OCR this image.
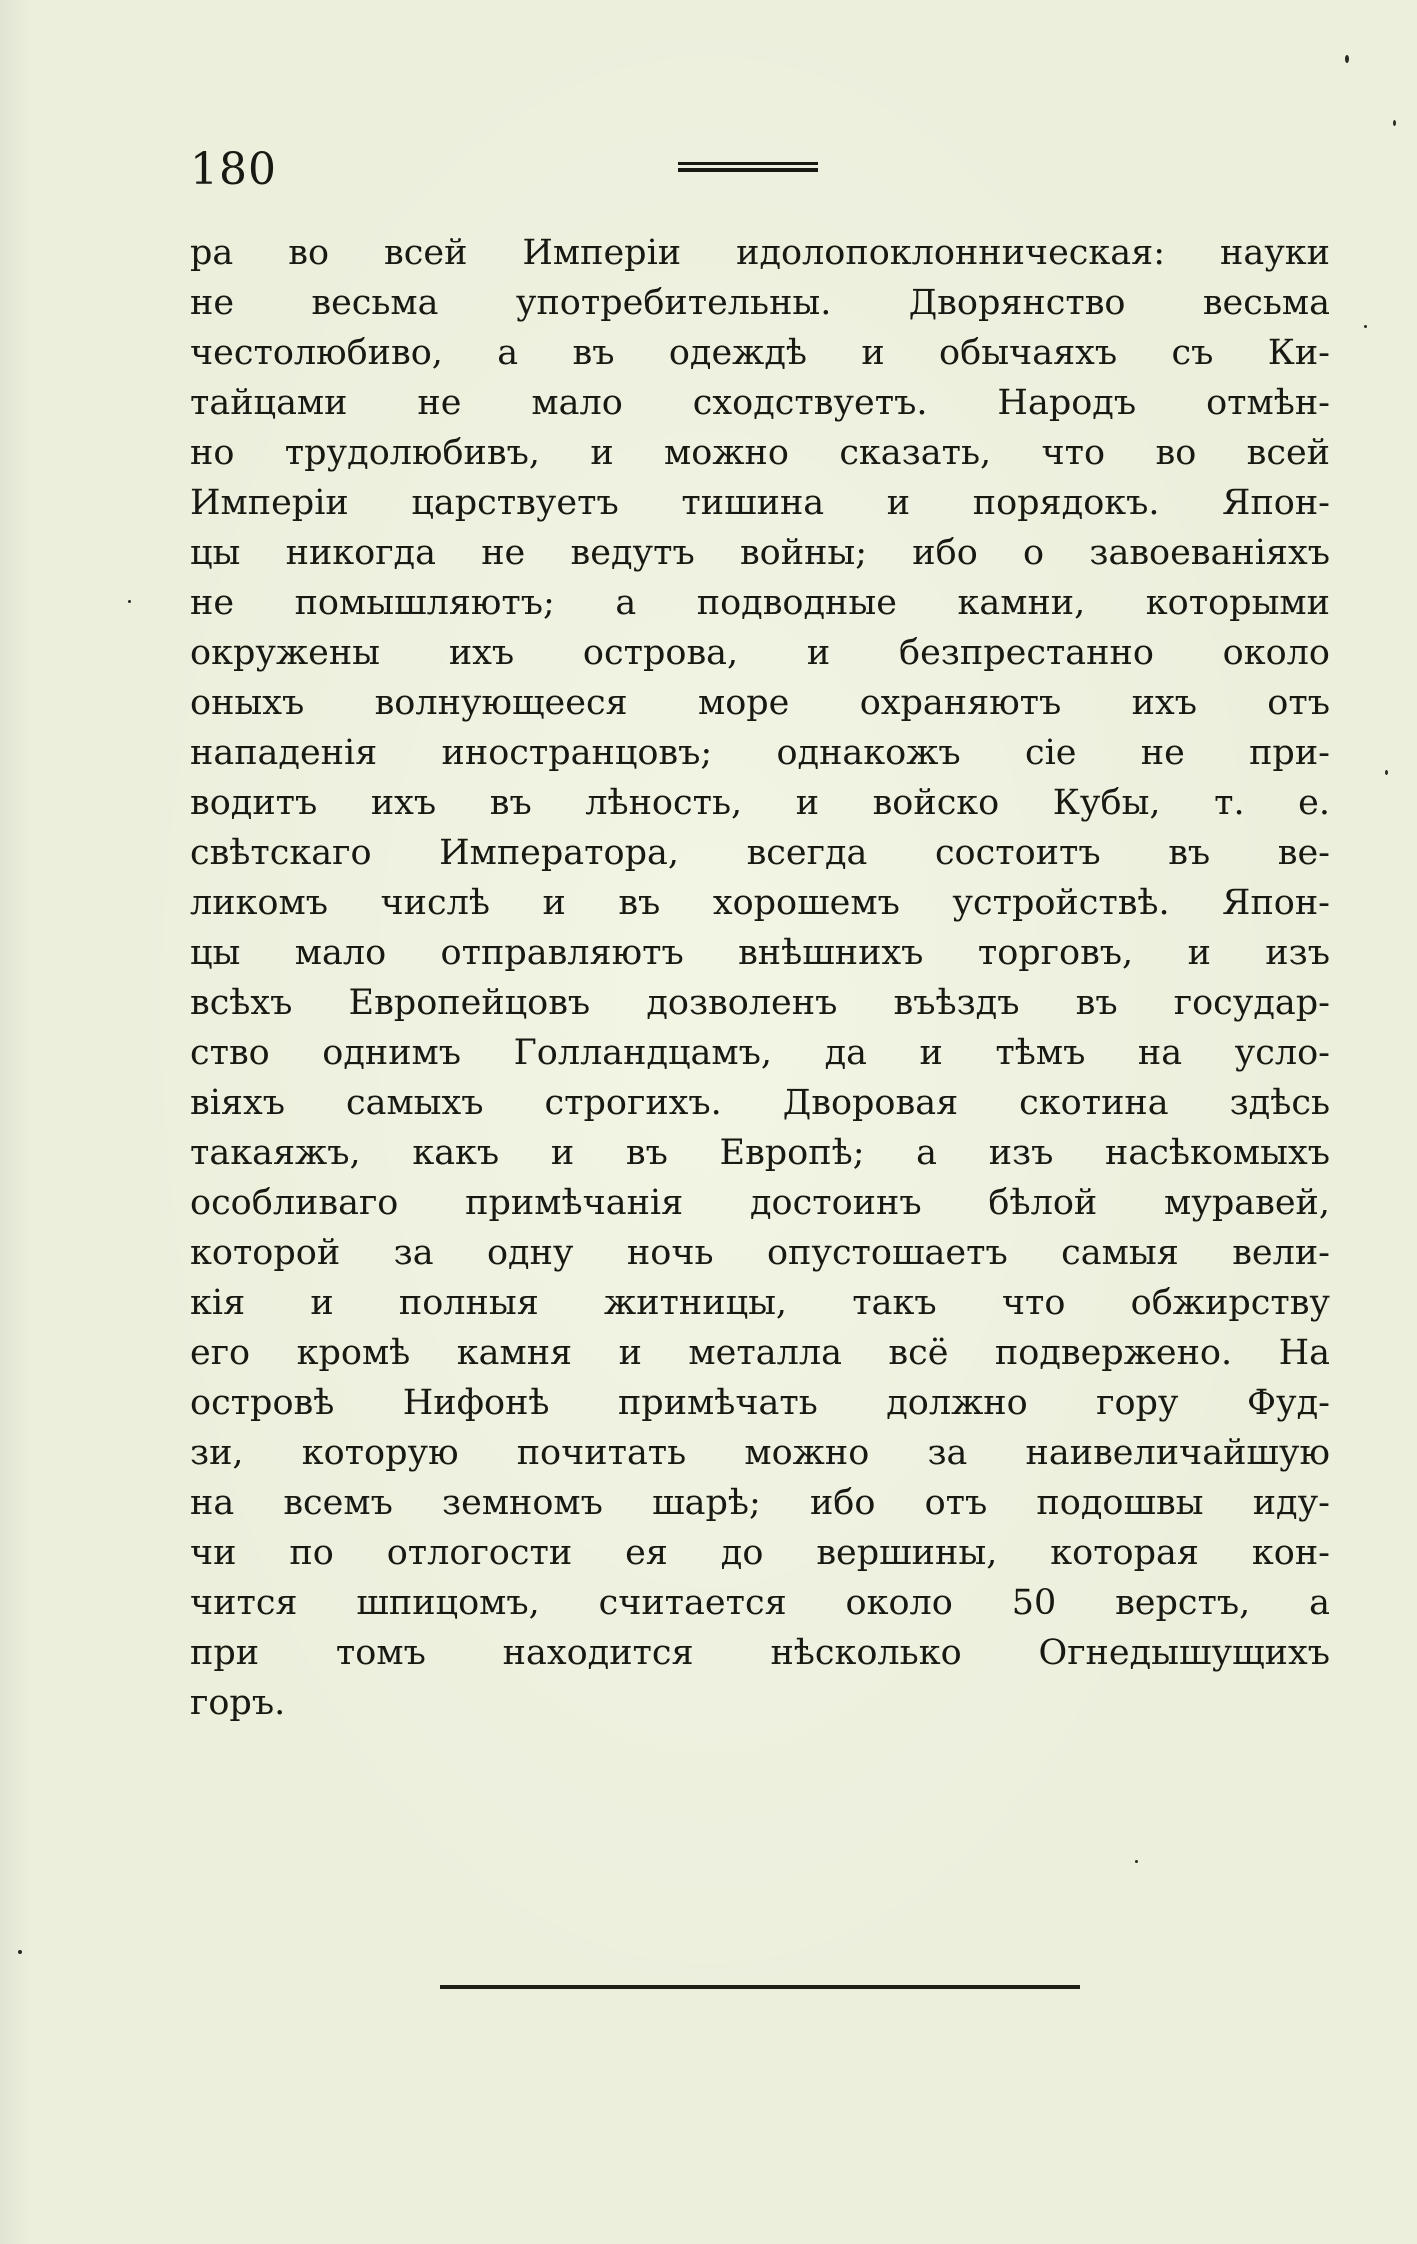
180
ра во всей Имперіи идолопоклонническая: науки
не весьма употребительны. Дворянство весьма
честолюбиво, а въ одеждѣ и обычаяхъ съ Ки-
тайцами не мало сходствуетъ. Народъ отмѣн-
но трудолюбивъ, и можно сказать, что во всей
Имперіи царствуетъ тишина и порядокъ. Япон-
цы никогда не ведутъ войны; ибо о завоеваніяхъ
не помышляютъ; а подводные камни, которыми
окружены ихъ острова, и безпрестанно около
оныхъ волнующееся море охраняютъ ихъ отъ
нападенія иностранцовъ; однакожъ сіе не при-
водитъ ихъ въ лѣность, и войско Кубы, т. е.
свѣтскаго Императора, всегда состоитъ въ ве-
ликомъ числѣ и въ хорошемъ устройствѣ. Япон-
цы мало отправляютъ внѣшнихъ торговъ, и изъ
всѣхъ Европейцовъ дозволенъ въѣздъ въ государ-
ство однимъ Голландцамъ, да и тѣмъ на усло-
віяхъ самыхъ строгихъ. Дворовая скотина здѣсь
такаяжъ, какъ и въ Европѣ; а изъ насѣкомыхъ
особливаго примѣчанія достоинъ бѣлой муравей,
которой за одну ночь опустошаетъ самыя вели-
кія и полныя житницы, такъ что обжирству
его кромѣ камня и металла всё подвержено. На
островѣ Нифонѣ примѣчать должно гору Фуд-
зи, которую почитать можно за наивеличайшую
на всемъ земномъ шарѣ; ибо отъ подошвы иду-
чи по отлогости ея до вершины, которая кон-
чится шпицомъ, считается около 50 верстъ, а
при томъ находится нѣсколько Огнедышущихъ
горъ.
